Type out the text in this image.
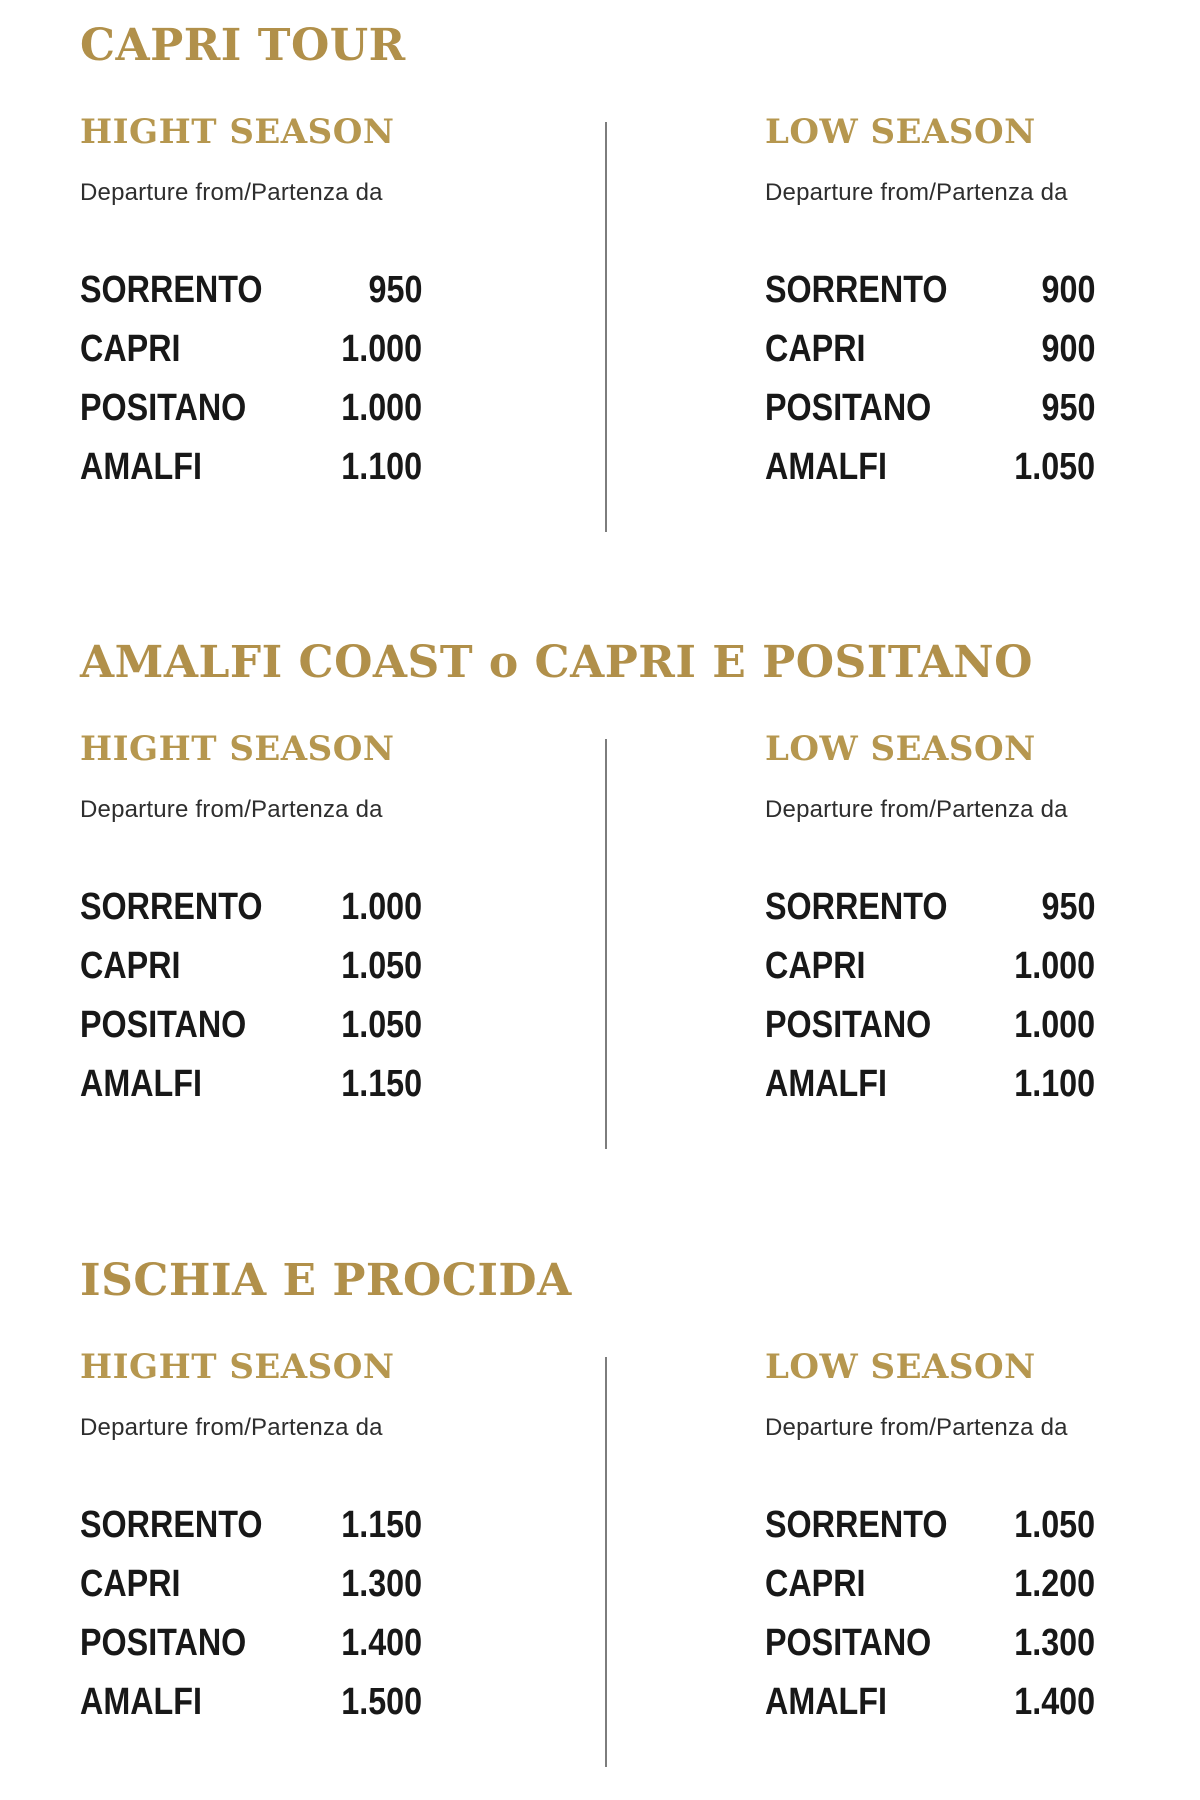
CAPRI TOUR
HIGHT SEASON

Departure from/Partenza da

SORRENTO	950
CAPRI	1.000
POSITANO 1.000
AMALFI	1.100
LOW SEASON

Departure from/Partenza da

SORRENTO 900
CAPRI	900
POSITANO	950
AMALFI	1.050
AMALFI COAST o CAPRI E POSITANO
HIGHT SEASON

Departure from/Partenza da

SORRENTO 1.000
CAPRI	1.050
POSITANO 1.050
AMALFI	1.150
LOW SEASON

Departure from/Partenza da

SORRENTO 950
CAPRI	1.000
POSITANO 1.000
AMALFI	1.100
ISCHIA E PROCIDA
HIGHT SEASON

Departure from/Partenza da

SORRENTO 1.150
CAPRI	1.300
POSITANO 1.400
AMALFI	1.500
LOW SEASON

Departure from/Partenza da

SORRENTO 1.050
CAPRI	1.200
POSITANO 1.300
AMALFI	1.400
